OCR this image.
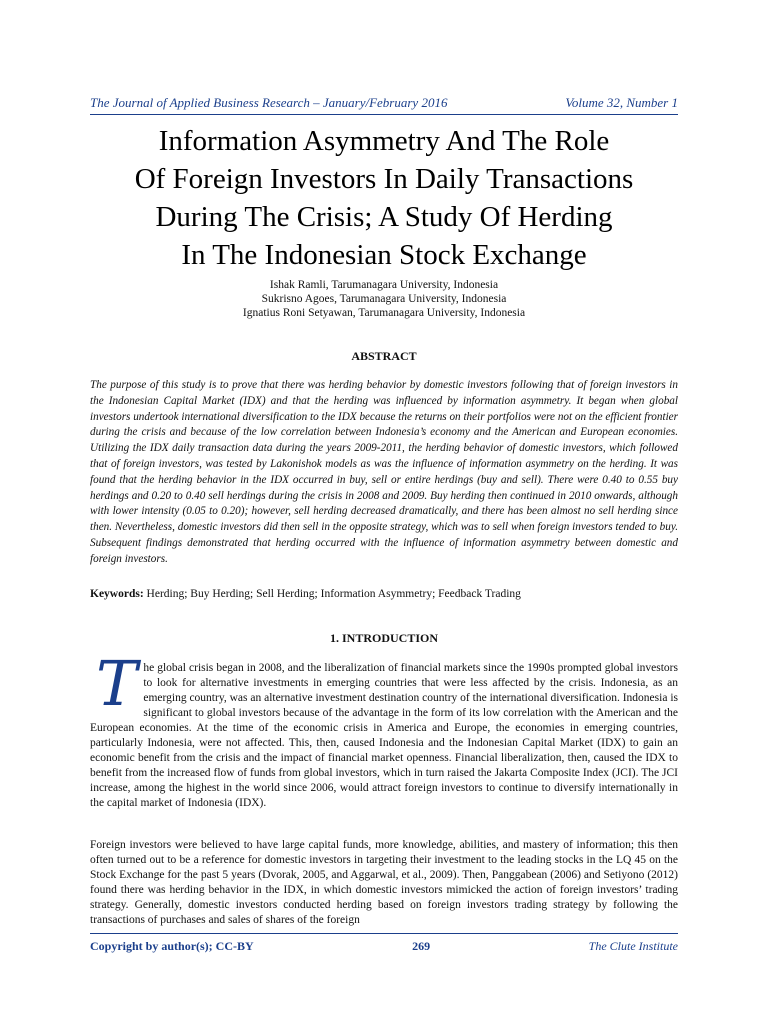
The Journal of Applied Business Research – January/February 2016	Volume 32, Number 1
Information Asymmetry And The Role
Of Foreign Investors In Daily Transactions
During The Crisis; A Study Of Herding
In The Indonesian Stock Exchange
Ishak Ramli, Tarumanagara University, Indonesia
Sukrisno Agoes, Tarumanagara University, Indonesia
Ignatius Roni Setyawan, Tarumanagara University, Indonesia
ABSTRACT

The purpose of this study is to prove that there was herding behavior by domestic investors following that of foreign investors in the Indonesian Capital Market (IDX) and that the herding was influenced by information asymmetry. It began when global investors undertook international diversification to the IDX because the returns on their portfolios were not on the efficient frontier during the crisis and because of the low correlation between Indonesia’s economy and the American and European economies. Utilizing the IDX daily transaction data during the years 2009-2011, the herding behavior of domestic investors, which followed that of foreign investors, was tested by Lakonishok models as was the influence of information asymmetry on the herding. It was found that the herding behavior in the IDX occurred in buy, sell or entire herdings (buy and sell). There were 0.40 to 0.55 buy herdings and 0.20 to 0.40 sell herdings during the crisis in 2008 and 2009. Buy herding then continued in 2010 onwards, although with lower intensity (0.05 to 0.20); however, sell herding decreased dramatically, and there has been almost no sell herding since then. Nevertheless, domestic investors did then sell in the opposite strategy, which was to sell when foreign investors tended to buy. Subsequent findings demonstrated that herding occurred with the influence of information asymmetry between domestic and foreign investors.

Keywords: Herding; Buy Herding; Sell Herding; Information Asymmetry; Feedback Trading

1. INTRODUCTION

T he global crisis began in 2008, and the liberalization of financial markets since the 1990s prompted global investors to look for alternative investments in emerging countries that were less affected by the crisis. Indonesia, as an emerging country, was an alternative investment destination country of the international diversification. Indonesia is significant to global investors because of the advantage in the form of its low correlation with the American and the European economies. At the time of the economic crisis in America and Europe, the economies in emerging countries, particularly Indonesia, were not affected. This, then, caused Indonesia and the Indonesian Capital Market (IDX) to gain an economic benefit from the crisis and the impact of financial market openness. Financial liberalization, then, caused the IDX to benefit from the increased flow of funds from global investors, which in turn raised the Jakarta Composite Index (JCI). The JCI increase, among the highest in the world since 2006, would attract foreign investors to continue to diversify internationally in the capital market of Indonesia (IDX).

Foreign investors were believed to have large capital funds, more knowledge, abilities, and mastery of information; this then often turned out to be a reference for domestic investors in targeting their investment to the leading stocks in the LQ 45 on the Stock Exchange for the past 5 years (Dvorak, 2005, and Aggarwal, et al., 2009). Then, Panggabean (2006) and Setiyono (2012) found there was herding behavior in the IDX, in which domestic investors mimicked the action of foreign investors’ trading strategy. Generally, domestic investors conducted herding based on foreign investors trading strategy by following the transactions of purchases and sales of shares of the foreign

Copyright by author(s); CC-BY	269	The Clute Institute
